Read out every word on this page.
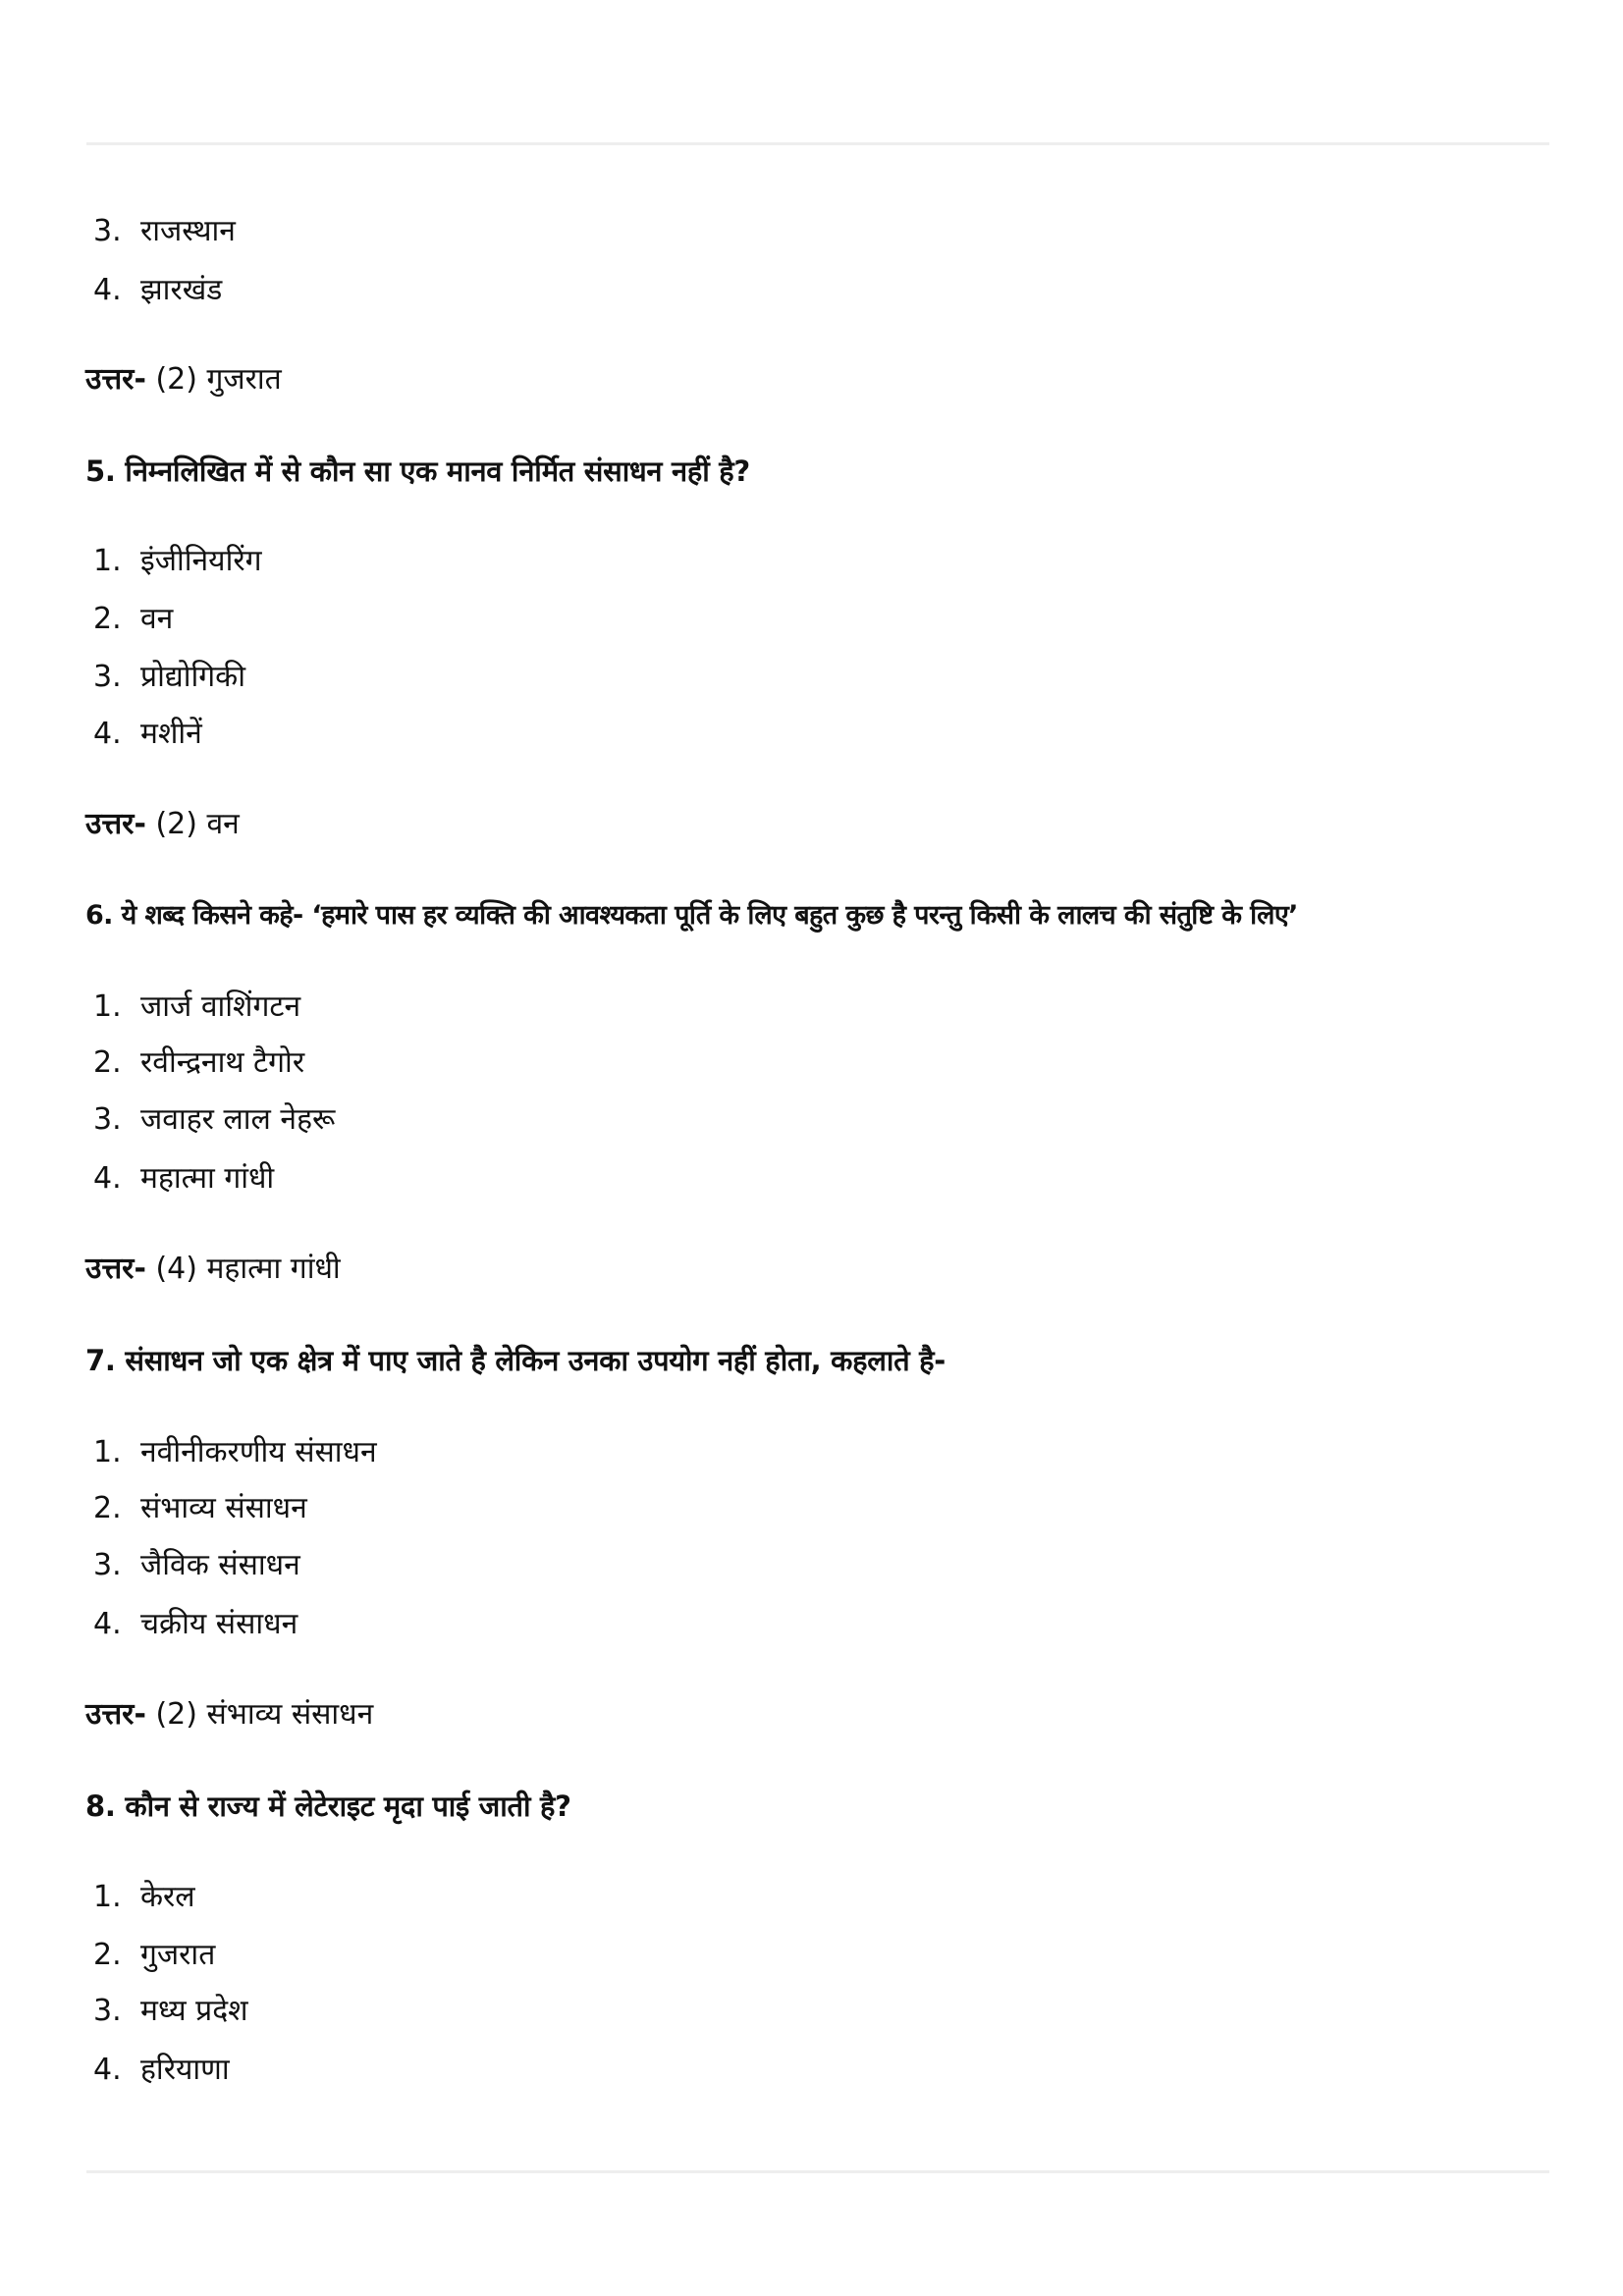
3. राजस्थान
4. झारखंड
उत्तर- (2) गुजरात
5. निम्नलिखित में से कौन सा एक मानव निर्मित संसाधन नहीं है?
1. इंजीनियरिंग
2. वन
3. प्रोद्योगिकी
4. मशीनें
उत्तर- (2) वन
6. ये शब्द किसने कहे- ‘हमारे पास हर व्यक्ति की आवश्यकता पूर्ति के लिए बहुत कुछ है परन्तु किसी के लालच की संतुष्टि के लिए’
1. जार्ज वाशिंगटन
2. रवीन्द्रनाथ टैगोर
3. जवाहर लाल नेहरू
4. महात्मा गांधी
उत्तर- (4) महात्मा गांधी
7. संसाधन जो एक क्षेत्र में पाए जाते है लेकिन उनका उपयोग नहीं होता, कहलाते है-
1. नवीनीकरणीय संसाधन
2. संभाव्य संसाधन
3. जैविक संसाधन
4. चक्रीय संसाधन
उत्तर- (2) संभाव्य संसाधन
8. कौन से राज्य में लेटेराइट मृदा पाई जाती है?
1. केरल
2. गुजरात
3. मध्य प्रदेश
4. हरियाणा
